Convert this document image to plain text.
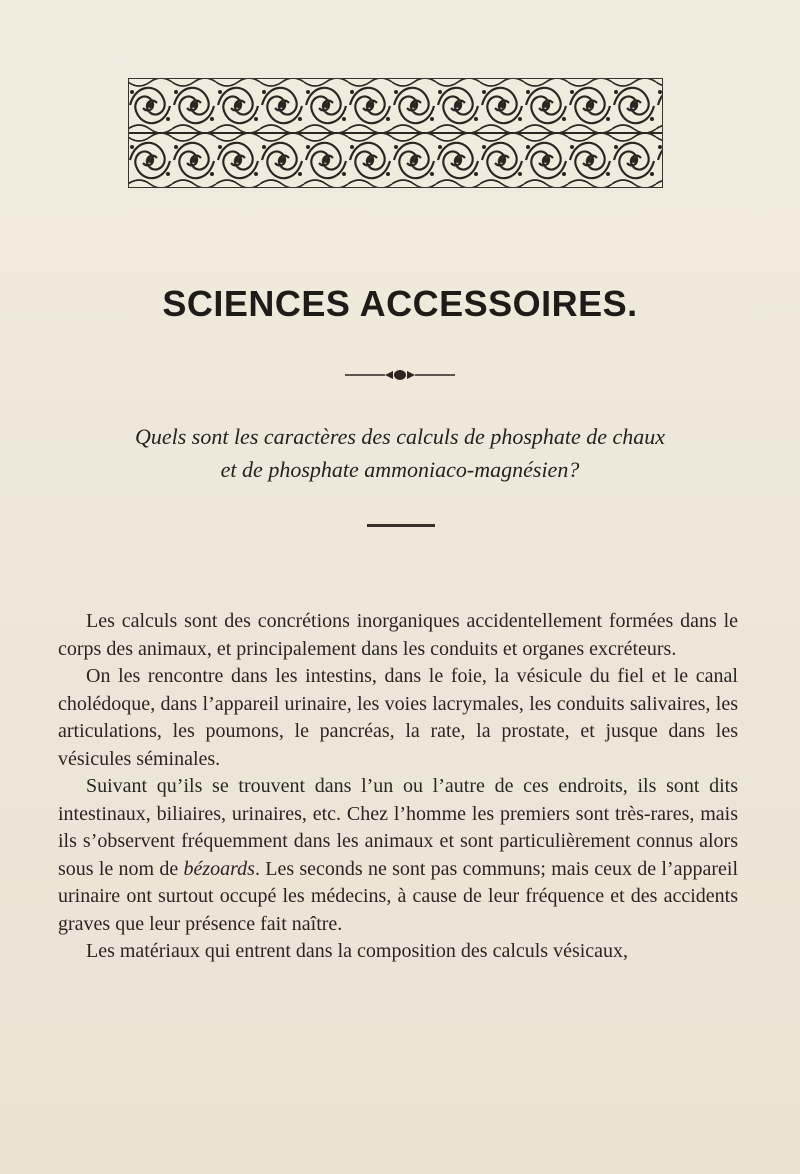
SCIENCES ACCESSOIRES.
Quels sont les caractères des calculs de phosphate de chaux
et de phosphate ammoniaco-magnésien?

Les calculs sont des concrétions inorganiques accidentellement formées dans le corps des animaux, et principalement dans les conduits et organes excréteurs.

On les rencontre dans les intestins, dans le foie, la vésicule du fiel et le canal cholédoque, dans l’appareil urinaire, les voies lacrymales, les conduits salivaires, les articulations, les poumons, le pancréas, la rate, la prostate, et jusque dans les vésicules séminales.

Suivant qu’ils se trouvent dans l’un ou l’autre de ces endroits, ils sont dits intestinaux, biliaires, urinaires, etc. Chez l’homme les premiers sont très-rares, mais ils s’observent fréquemment dans les animaux et sont particulièrement connus alors sous le nom de bézoards. Les seconds ne sont pas communs; mais ceux de l’appareil urinaire ont surtout occupé les médecins, à cause de leur fréquence et des accidents graves que leur présence fait naître.

Les matériaux qui entrent dans la composition des calculs vésicaux,
